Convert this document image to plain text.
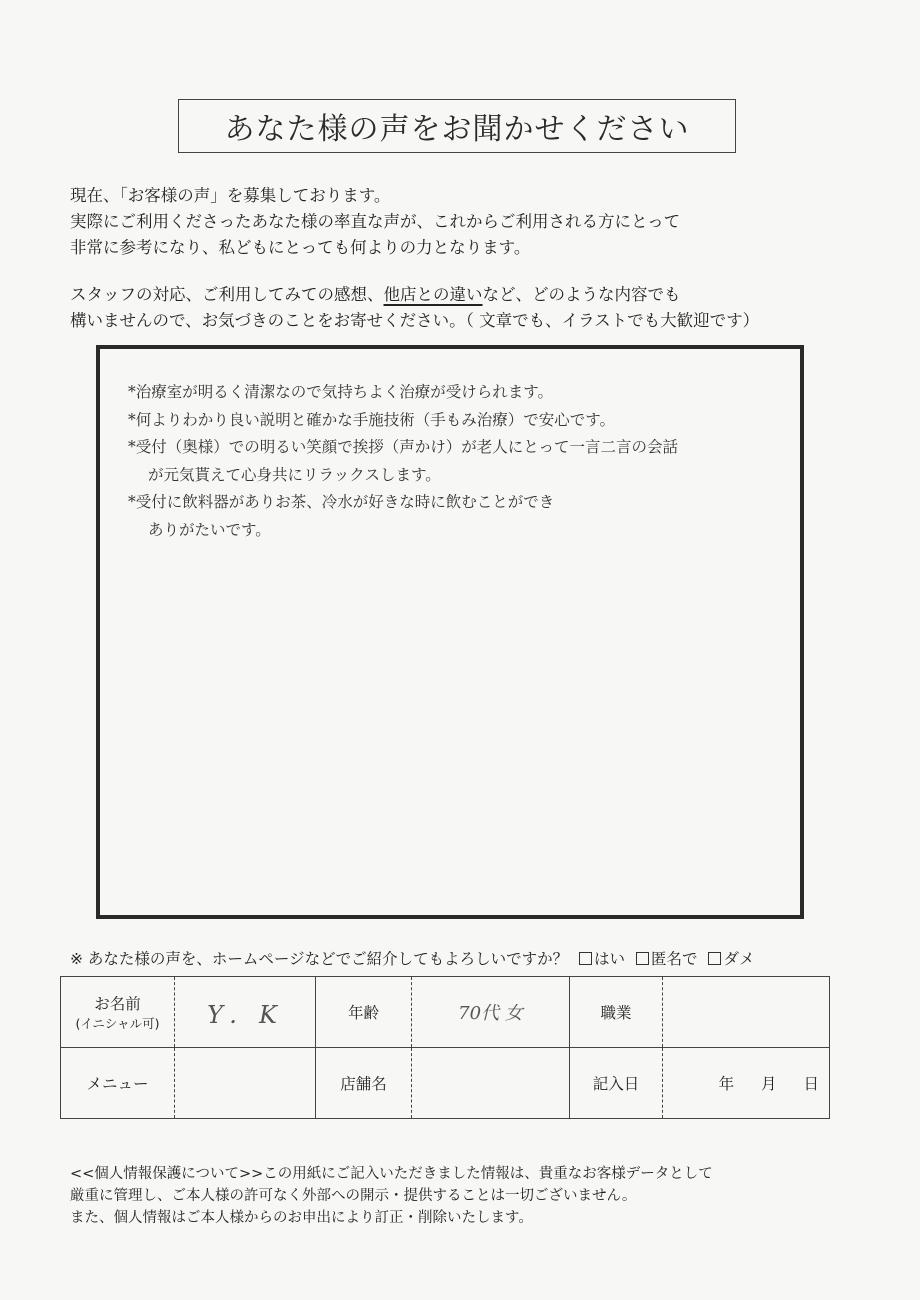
あなた様の声をお聞かせください

現在、「お客様の声」を募集しております。

実際にご利用くださったあなた様の率直な声が、これからご利用される方にとって

非常に参考になり、私どもにとっても何よりの力となります。

スタッフの対応、ご利用してみての感想、他店との違いなど、どのような内容でも

構いませんので、お気づきのことをお寄せください。（ 文章でも、イラストでも大歓迎です）

*治療室が明るく清潔なので気持ちよく治療が受けられます。
*何よりわかり良い説明と確かな手施技術（手もみ治療）で安心です。
*受付（奥様）での明るい笑顔で挨拶（声かけ）が老人にとって一言二言の会話
が元気貰えて心身共にリラックスします。
*受付に飲料器がありお茶、冷水が好きな時に飲むことができ
ありがたいです。
※ あなた様の声を、ホームページなどでご紹介してもよろしいですか？ はい 匿名で ダメ
お名前
(イニシャル可)	Y．K	年齢	70代 女	職業	
メニュー		店舗名		記入日	年 月 日

<<個人情報保護について>>この用紙にご記入いただきました情報は、貴重なお客様データとして

厳重に管理し、ご本人様の許可なく外部への開示・提供することは一切ございません。

また、個人情報はご本人様からのお申出により訂正・削除いたします。
